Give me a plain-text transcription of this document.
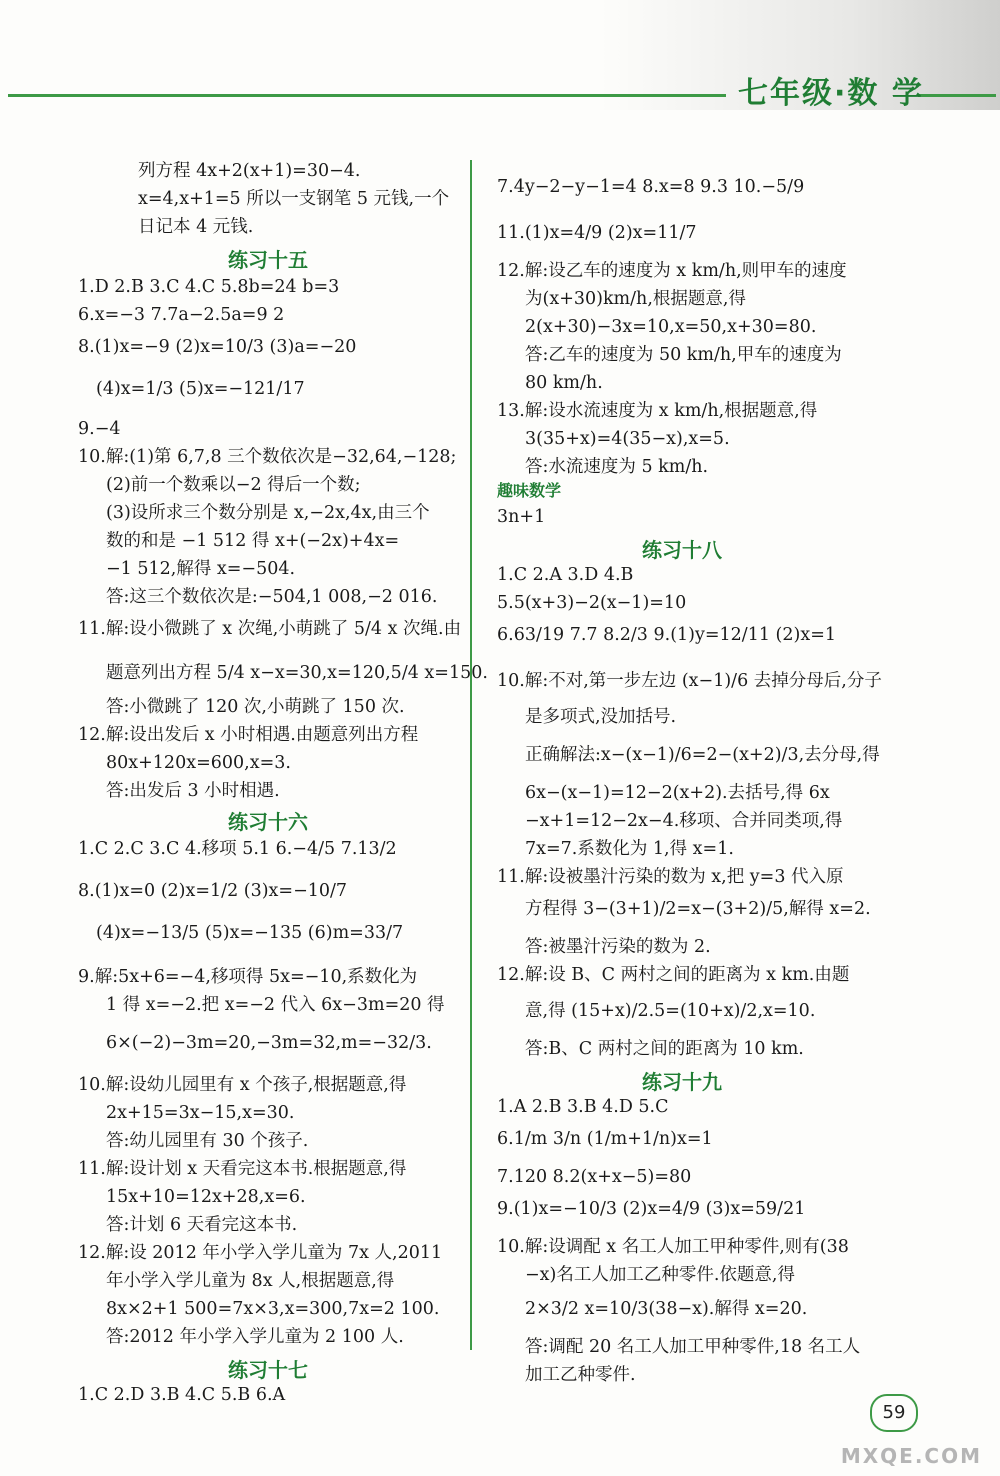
七年级·数 学
列方程 4x+2(x+1)=30−4.
x=4,x+1=5 所以一支钢笔 5 元钱,一个
日记本 4 元钱.
1.D 2.B 3.C 4.C 5.8b=24 b=3
6.x=−3 7.7a−2.5a=9 2
8.(1)x=−9 (2)x=10/3 (3)a=−20
(4)x=1/3 (5)x=−121/17
9.−4
10.解:(1)第 6,7,8 三个数依次是−32,64,−128;
(2)前一个数乘以−2 得后一个数;
(3)设所求三个数分别是 x,−2x,4x,由三个
数的和是 −1 512 得 x+(−2x)+4x=
−1 512,解得 x=−504.
答:这三个数依次是:−504,1 008,−2 016.
11.解:设小微跳了 x 次绳,小萌跳了 5/4 x 次绳.由
题意列出方程 5/4 x−x=30,x=120,5/4 x=150.
答:小微跳了 120 次,小萌跳了 150 次.
12.解:设出发后 x 小时相遇.由题意列出方程
80x+120x=600,x=3.
答:出发后 3 小时相遇.
1.C 2.C 3.C 4.移项 5.1 6.−4/5 7.13/2
8.(1)x=0 (2)x=1/2 (3)x=−10/7
(4)x=−13/5 (5)x=−135 (6)m=33/7
9.解:5x+6=−4,移项得 5x=−10,系数化为
1 得 x=−2.把 x=−2 代入 6x−3m=20 得
6×(−2)−3m=20,−3m=32,m=−32/3.
10.解:设幼儿园里有 x 个孩子,根据题意,得
2x+15=3x−15,x=30.
答:幼儿园里有 30 个孩子.
11.解:设计划 x 天看完这本书.根据题意,得
15x+10=12x+28,x=6.
答:计划 6 天看完这本书.
12.解:设 2012 年小学入学儿童为 7x 人,2011
年小学入学儿童为 8x 人,根据题意,得
8x×2+1 500=7x×3,x=300,7x=2 100.
答:2012 年小学入学儿童为 2 100 人.
1.C 2.D 3.B 4.C 5.B 6.A
练习十五
练习十六
练习十七
7.4y−2−y−1=4 8.x=8 9.3 10.−5/9
11.(1)x=4/9 (2)x=11/7
12.解:设乙车的速度为 x km/h,则甲车的速度
为(x+30)km/h,根据题意,得
2(x+30)−3x=10,x=50,x+30=80.
答:乙车的速度为 50 km/h,甲车的速度为
80 km/h.
13.解:设水流速度为 x km/h,根据题意,得
3(35+x)=4(35−x),x=5.
答:水流速度为 5 km/h.
3n+1
1.C 2.A 3.D 4.B
5.5(x+3)−2(x−1)=10
6.63/19 7.7 8.2/3 9.(1)y=12/11 (2)x=1
10.解:不对,第一步左边 (x−1)/6 去掉分母后,分子
是多项式,没加括号.
正确解法:x−(x−1)/6=2−(x+2)/3,去分母,得
6x−(x−1)=12−2(x+2).去括号,得 6x
−x+1=12−2x−4.移项、合并同类项,得
7x=7.系数化为 1,得 x=1.
11.解:设被墨汁污染的数为 x,把 y=3 代入原
方程得 3−(3+1)/2=x−(3+2)/5,解得 x=2.
答:被墨汁污染的数为 2.
12.解:设 B、C 两村之间的距离为 x km.由题
意,得 (15+x)/2.5=(10+x)/2,x=10.
答:B、C 两村之间的距离为 10 km.
1.A 2.B 3.B 4.D 5.C
6.1/m 3/n (1/m+1/n)x=1
7.120 8.2(x+x−5)=80
9.(1)x=−10/3 (2)x=4/9 (3)x=59/21
10.解:设调配 x 名工人加工甲种零件,则有(38
−x)名工人加工乙种零件.依题意,得
2×3/2 x=10/3(38−x).解得 x=20.
答:调配 20 名工人加工甲种零件,18 名工人
加工乙种零件.
趣味数学
练习十八
练习十九
59
MXQE.COM
